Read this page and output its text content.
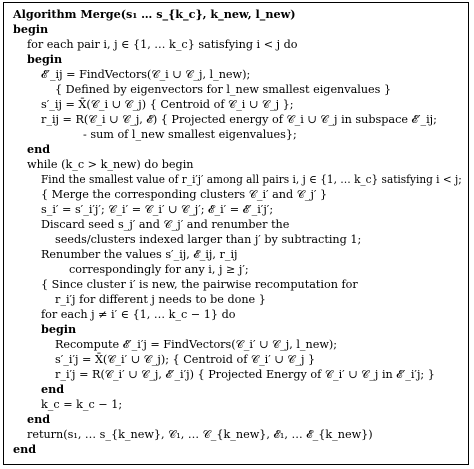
Algorithm Merge(s₁ … s_{k_c}, k_new, l_new)
begin
for each pair i, j ∈ {1, … k_c} satisfying i < j do
begin
𝓔′_ij = FindVectors(𝒞_i ∪ 𝒞_j, l_new);
{ Defined by eigenvectors for l_new smallest eigenvalues }
s′_ij = X̄(𝒞_i ∪ 𝒞_j) { Centroid of 𝒞_i ∪ 𝒞_j };
r_ij = R(𝒞_i ∪ 𝒞_j, 𝓔) { Projected energy of 𝒞_i ∪ 𝒞_j in subspace 𝓔′_ij;
- sum of l_new smallest eigenvalues};
end
while (k_c > k_new) do begin
Find the smallest value of r_i′j′ among all pairs i, j ∈ {1, … k_c} satisfying i < j;
{ Merge the corresponding clusters 𝒞_i′ and 𝒞_j′ }
s_i′ = s′_i′j′; 𝒞_i′ = 𝒞_i′ ∪ 𝒞_j′; 𝓔_i′ = 𝓔′_i′j′;
Discard seed s_j′ and 𝒞_j′ and renumber the
seeds/clusters indexed larger than j′ by subtracting 1;
Renumber the values s′_ij, 𝓔_ij, r_ij
correspondingly for any i, j ≥ j′;
{ Since cluster i′ is new, the pairwise recomputation for
r_i′j for different j needs to be done }
for each j ≠ i′ ∈ {1, … k_c − 1} do
begin
Recompute 𝓔′_i′j = FindVectors(𝒞_i′ ∪ 𝒞_j, l_new);
s′_i′j = X̄(𝒞_i′ ∪ 𝒞_j); { Centroid of 𝒞_i′ ∪ 𝒞_j }
r_i′j = R(𝒞_i′ ∪ 𝒞_j, 𝓔′_i′j) { Projected Energy of 𝒞_i′ ∪ 𝒞_j in 𝓔′_i′j; }
end
k_c = k_c − 1;
end
return(s₁, … s_{k_new}, 𝒞₁, … 𝒞_{k_new}, 𝓔₁, … 𝓔_{k_new})
end
